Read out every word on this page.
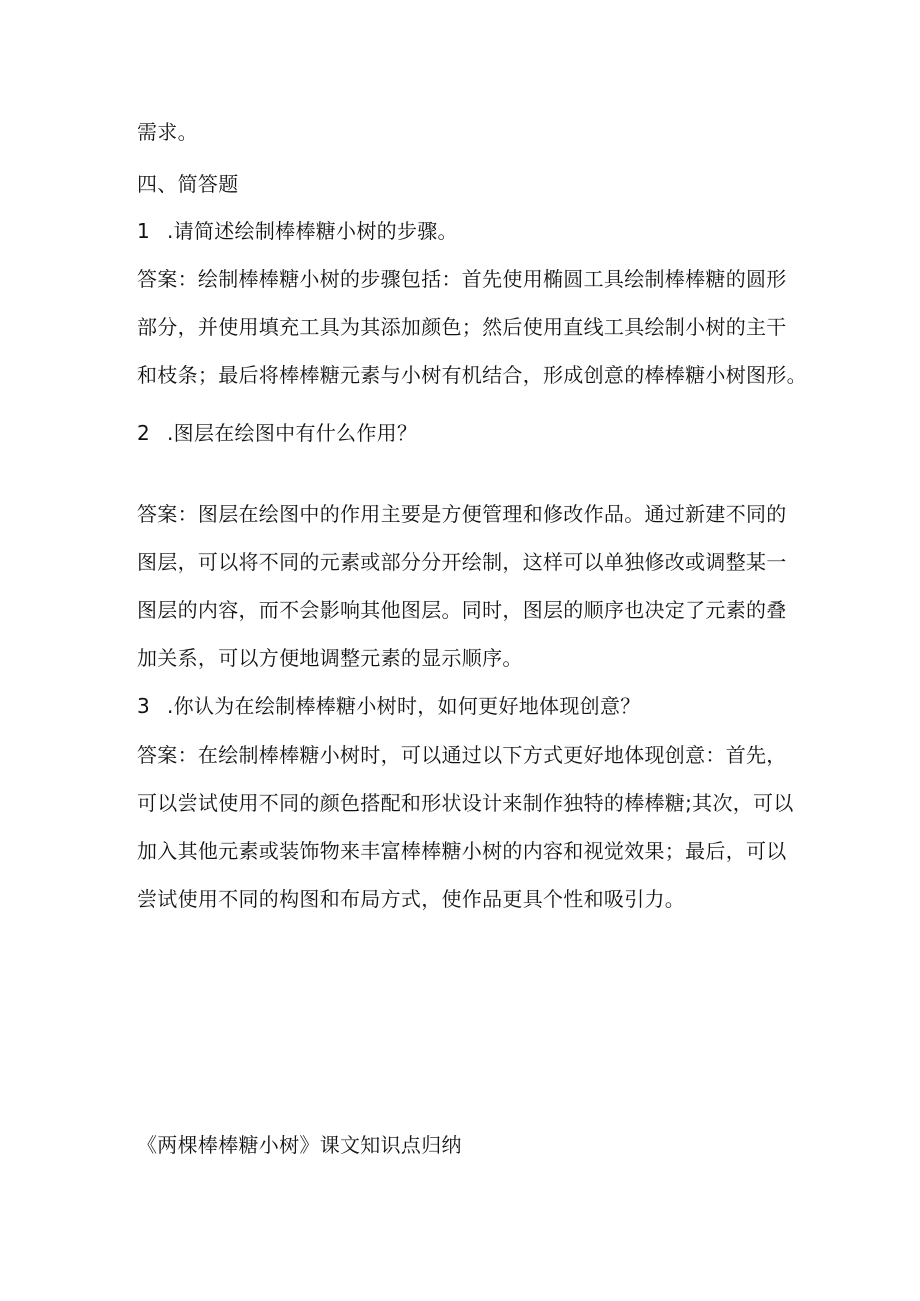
需求。
四、简答题
1 .请简述绘制棒棒糖小树的步骤。
答案：绘制棒棒糖小树的步骤包括：首先使用椭圆工具绘制棒棒糖的圆形
部分，并使用填充工具为其添加颜色；然后使用直线工具绘制小树的主干
和枝条；最后将棒棒糖元素与小树有机结合，形成创意的棒棒糖小树图形。
2 .图层在绘图中有什么作用？
答案：图层在绘图中的作用主要是方便管理和修改作品。通过新建不同的
图层，可以将不同的元素或部分分开绘制，这样可以单独修改或调整某一
图层的内容，而不会影响其他图层。同时，图层的顺序也决定了元素的叠
加关系，可以方便地调整元素的显示顺序。
3 .你认为在绘制棒棒糖小树时，如何更好地体现创意？
答案：在绘制棒棒糖小树时，可以通过以下方式更好地体现创意：首先，
可以尝试使用不同的颜色搭配和形状设计来制作独特的棒棒糖;其次，可以
加入其他元素或装饰物来丰富棒棒糖小树的内容和视觉效果；最后，可以
尝试使用不同的构图和布局方式，使作品更具个性和吸引力。
《两棵棒棒糖小树》课文知识点归纳
